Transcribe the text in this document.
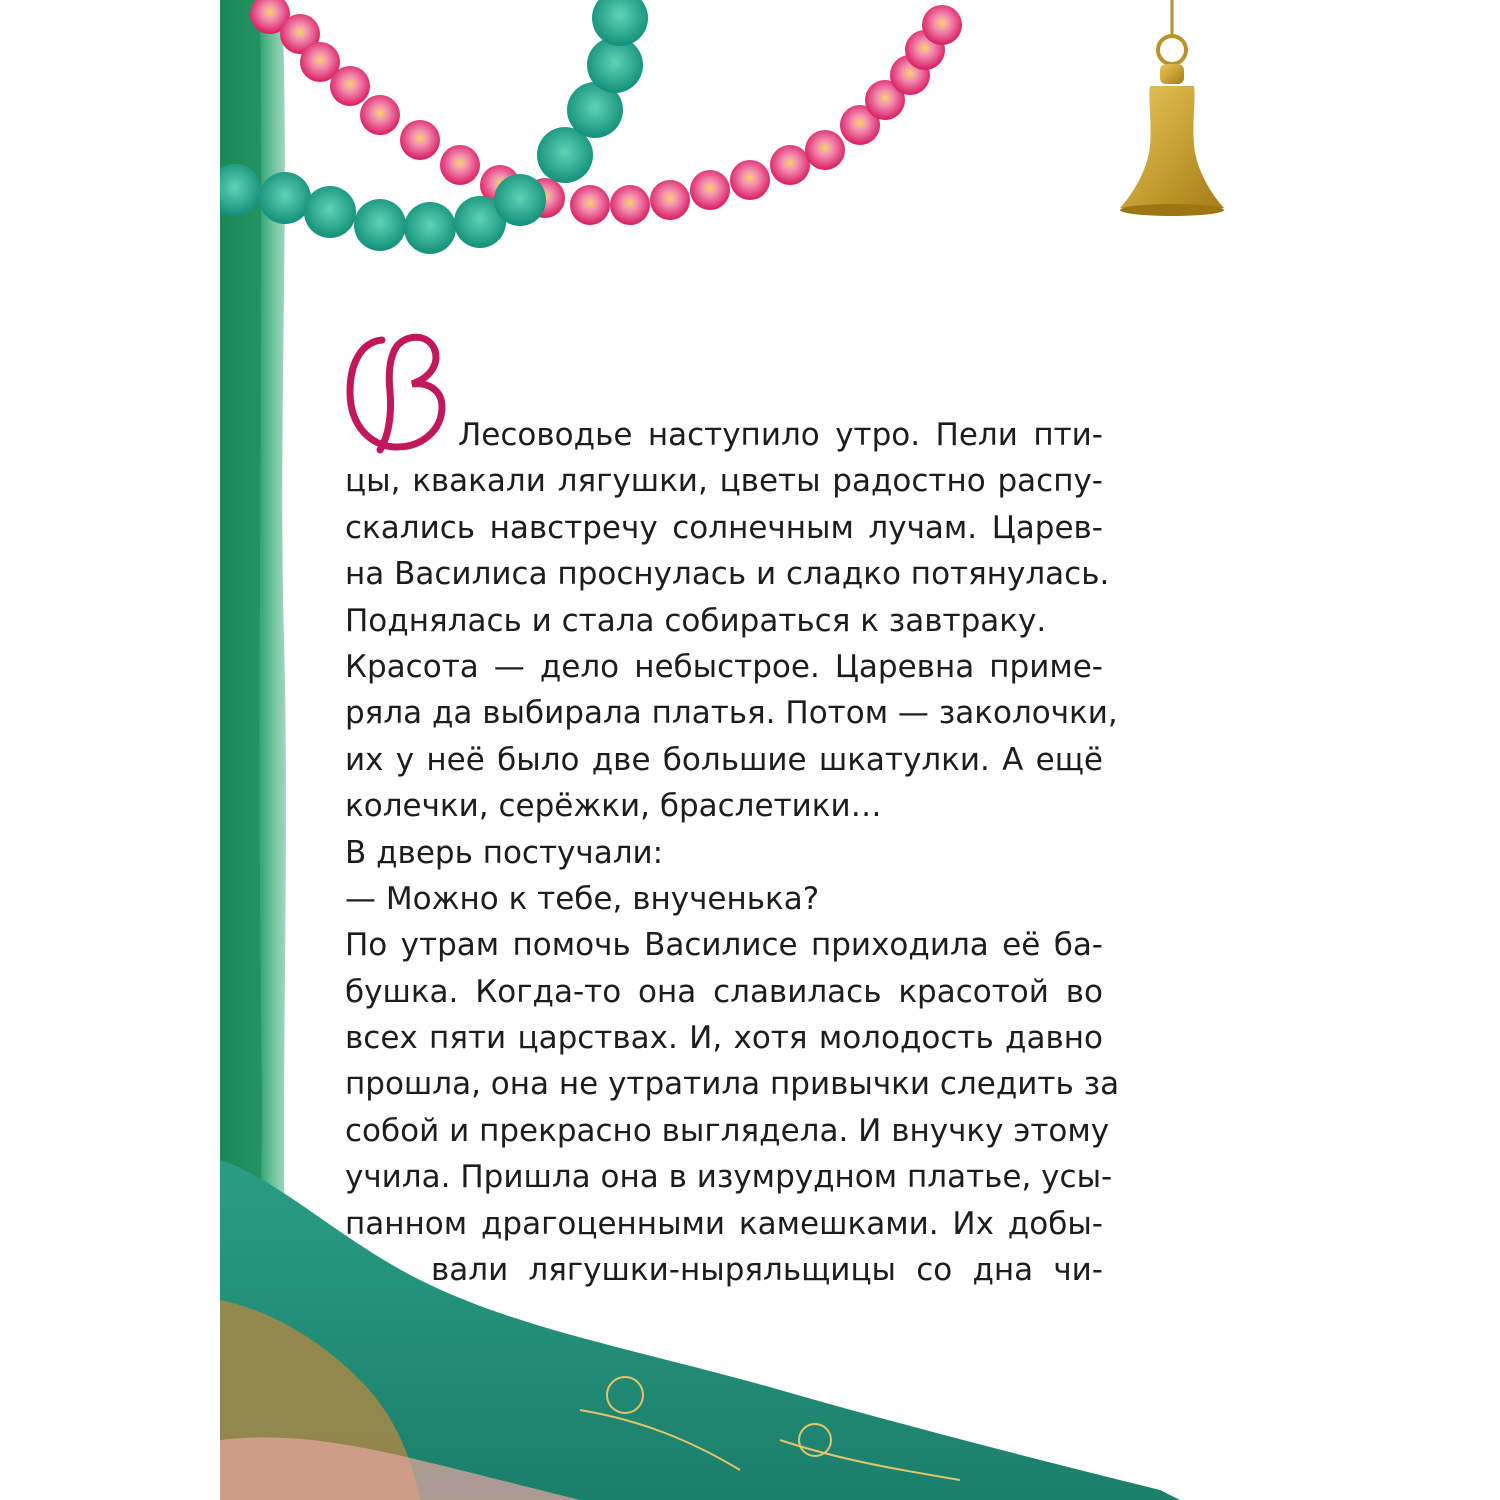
В
Лесоводье наступило утро. Пели пти-
цы, квакали лягушки, цветы радостно распу-
скались навстречу солнечным лучам. Царев-
на Василиса проснулась и сладко потянулась.
Поднялась и стала собираться к завтраку.
Красота — дело небыстрое. Царевна приме-
ряла да выбирала платья. Потом — заколочки,
их у неё было две большие шкатулки. А ещё
колечки, серёжки, браслетики…
В дверь постучали:
— Можно к тебе, внученька?
По утрам помочь Василисе приходила её ба-
бушка. Когда-то она славилась красотой во
всех пяти царствах. И, хотя молодость давно
прошла, она не утратила привычки следить за
собой и прекрасно выглядела. И внучку этому
учила. Пришла она в изумрудном платье, усы-
панном драгоценными камешками. Их добы-
вали лягушки-ныряльщицы со дна чи-
